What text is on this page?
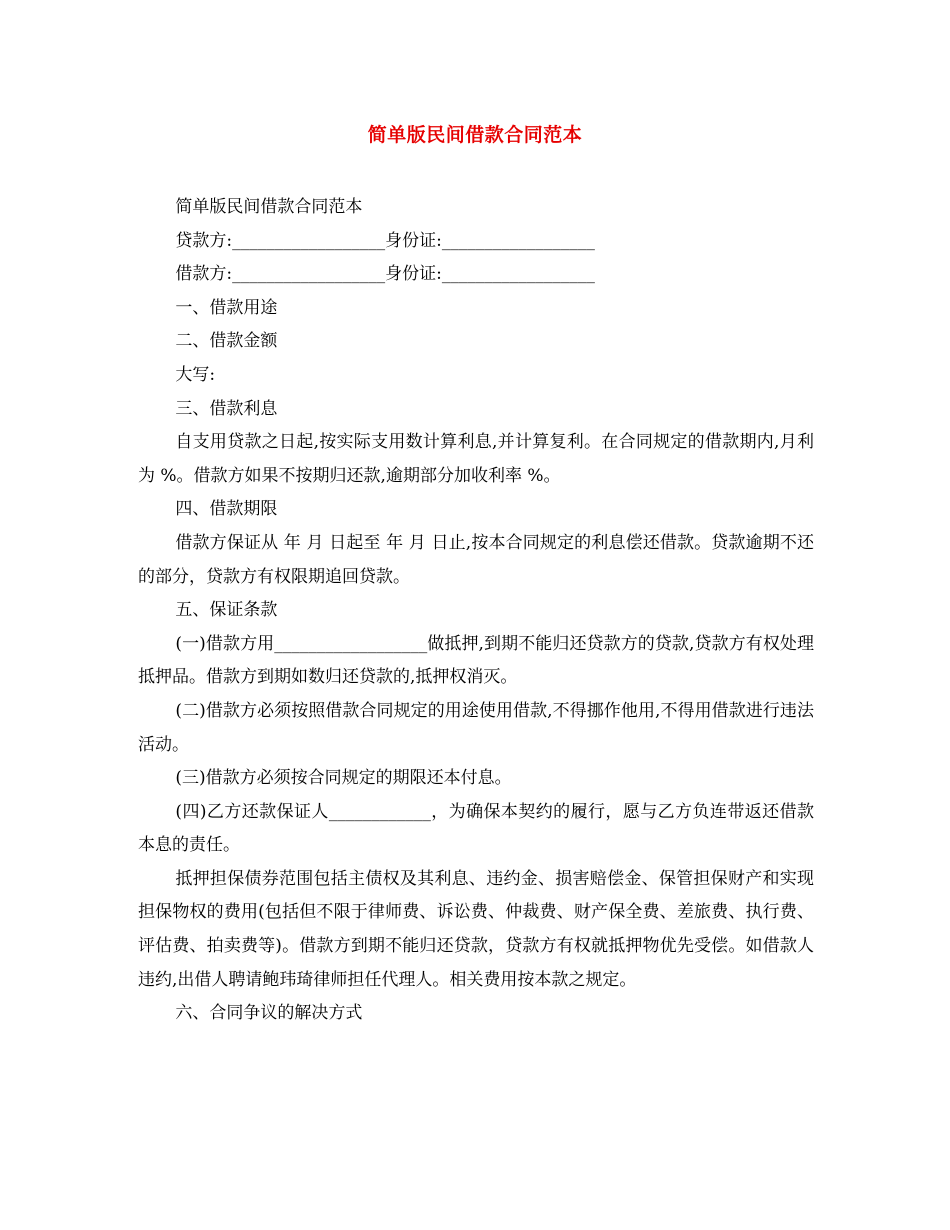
简单版民间借款合同范本

简单版民间借款合同范本

贷款方:__________________身份证:__________________

借款方:__________________身份证:__________________

一、借款用途

二、借款金额

大写:

三、借款利息

自支用贷款之日起,按实际支用数计算利息,并计算复利。在合同规定的借款期内,月利为 %。借款方如果不按期归还款,逾期部分加收利率 %。

四、借款期限

借款方保证从 年 月 日起至 年 月 日止,按本合同规定的利息偿还借款。贷款逾期不还的部分，贷款方有权限期追回贷款。

五、保证条款

(一)借款方用__________________做抵押,到期不能归还贷款方的贷款,贷款方有权处理抵押品。借款方到期如数归还贷款的,抵押权消灭。

(二)借款方必须按照借款合同规定的用途使用借款,不得挪作他用,不得用借款进行违法活动。

(三)借款方必须按合同规定的期限还本付息。

(四)乙方还款保证人____________，为确保本契约的履行，愿与乙方负连带返还借款本息的责任。

抵押担保债券范围包括主债权及其利息、违约金、损害赔偿金、保管担保财产和实现担保物权的费用(包括但不限于律师费、诉讼费、仲裁费、财产保全费、差旅费、执行费、评估费、拍卖费等)。借款方到期不能归还贷款，贷款方有权就抵押物优先受偿。如借款人违约,出借人聘请鲍玮琦律师担任代理人。相关费用按本款之规定。

六、合同争议的解决方式
